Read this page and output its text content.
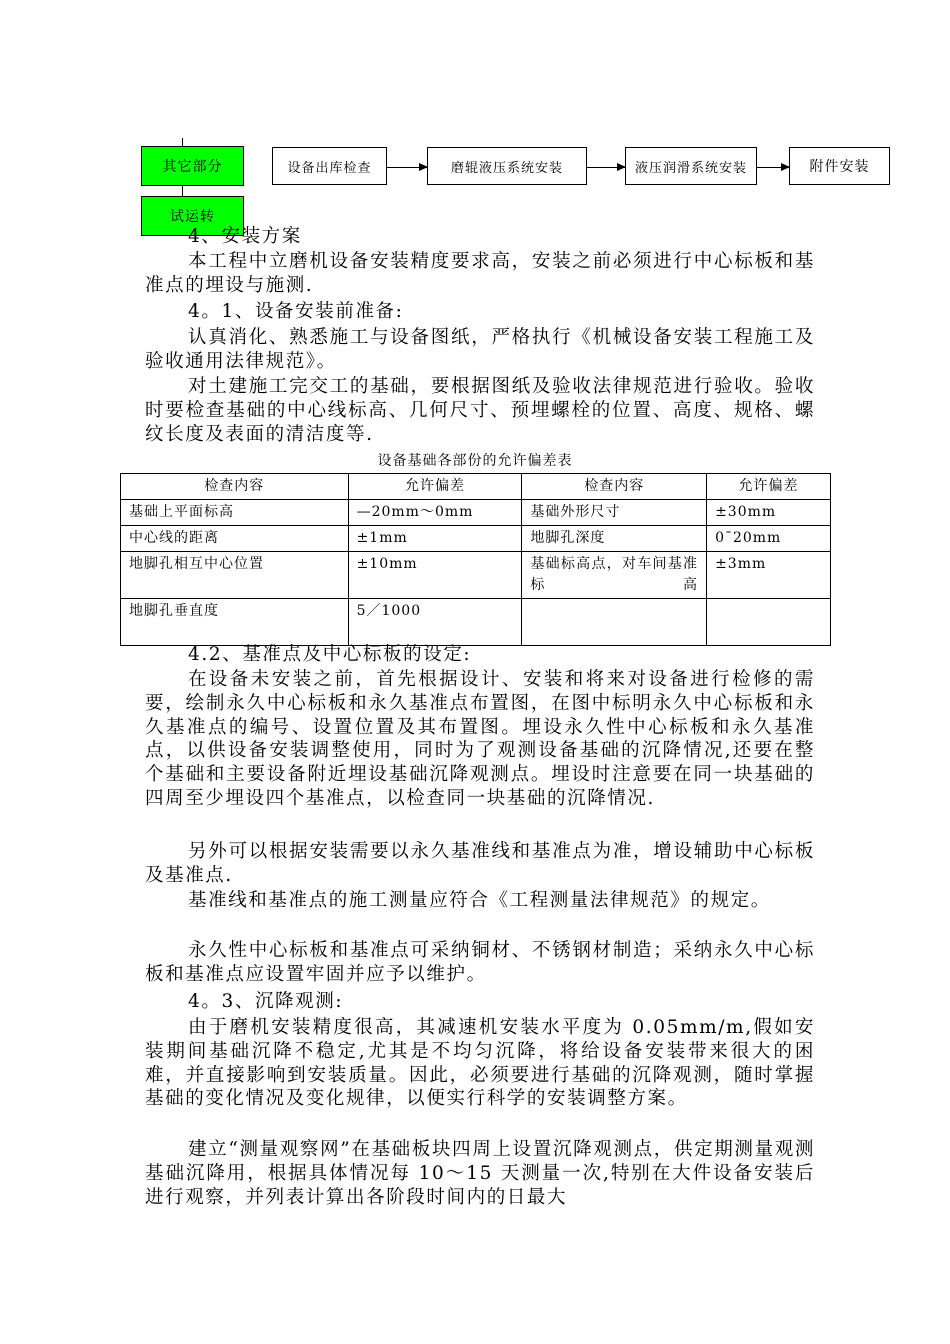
其它部分
试运转
设备出库检查	磨辊液压系统安装	液压润滑系统安装	附件安装

4、安装方案

本工程中立磨机设备安装精度要求高，安装之前必须进行中心标板和基准点的埋设与施测.

4。1、设备安装前准备:

认真消化、熟悉施工与设备图纸，严格执行《机械设备安装工程施工及验收通用法律规范》。

对土建施工完交工的基础，要根据图纸及验收法律规范进行验收。验收时要检查基础的中心线标高、几何尺寸、预埋螺栓的位置、高度、规格、螺纹长度及表面的清洁度等.

设备基础各部份的允许偏差表
检查内容	允许偏差	检查内容	允许偏差
基础上平面标高	—20mm～0mm	基础外形尺寸	±30mm
中心线的距离	±1mm	地脚孔深度	0¯20mm
地脚孔相互中心位置	±10mm	基础标高点，对车间基准标高	±3mm
地脚孔垂直度	5／1000		

4.2、基准点及中心标板的设定:

在设备未安装之前，首先根据设计、安装和将来对设备进行检修的需要，绘制永久中心标板和永久基准点布置图，在图中标明永久中心标板和永久基准点的编号、设置位置及其布置图。埋设永久性中心标板和永久基准点，以供设备安装调整使用，同时为了观测设备基础的沉降情况,还要在整个基础和主要设备附近埋设基础沉降观测点。埋设时注意要在同一块基础的四周至少埋设四个基准点，以检查同一块基础的沉降情况.

另外可以根据安装需要以永久基准线和基准点为准，增设辅助中心标板及基准点.

基准线和基准点的施工测量应符合《工程测量法律规范》的规定。

永久性中心标板和基准点可采纳铜材、不锈钢材制造；采纳永久中心标板和基准点应设置牢固并应予以维护。

4。3、沉降观测:

由于磨机安装精度很高，其减速机安装水平度为 0.05mm/m,假如安装期间基础沉降不稳定,尤其是不均匀沉降，将给设备安装带来很大的困难，并直接影响到安装质量。因此，必须要进行基础的沉降观测，随时掌握基础的变化情况及变化规律，以便实行科学的安装调整方案。

建立“测量观察网”在基础板块四周上设置沉降观测点，供定期测量观测基础沉降用，根据具体情况每 10～15 天测量一次,特别在大件设备安装后进行观察，并列表计算出各阶段时间内的日最大
